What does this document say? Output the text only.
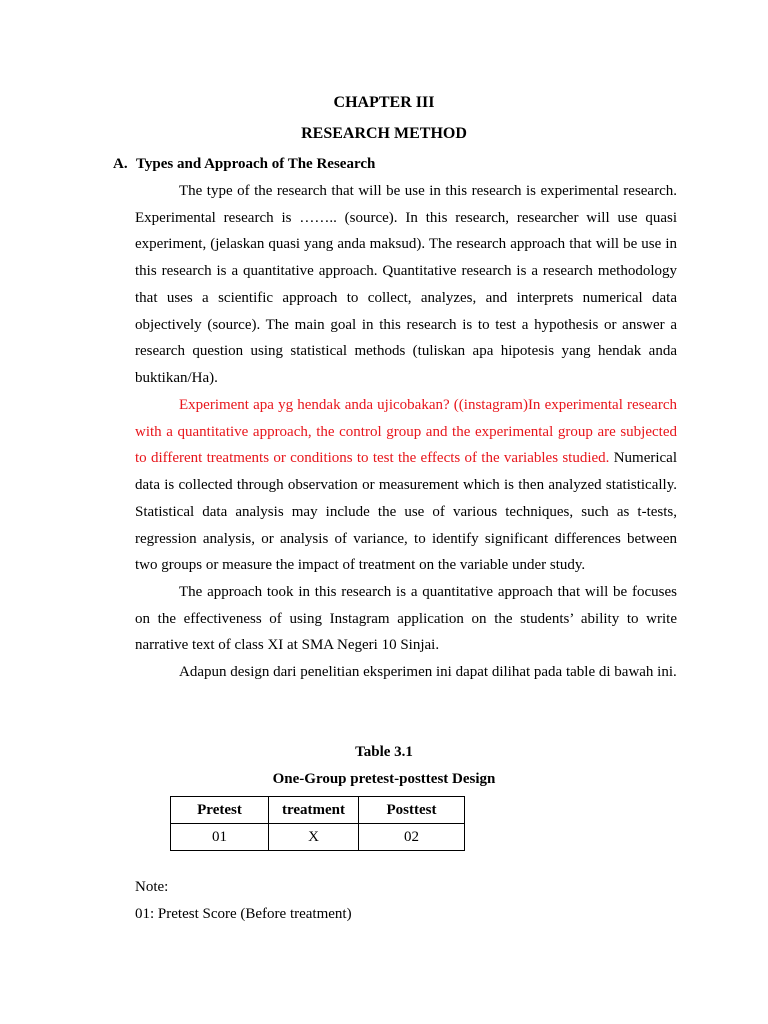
CHAPTER III
RESEARCH METHOD
A. Types and Approach of The Research
The type of the research that will be use in this research is experimental research. Experimental research is …….. (source). In this research, researcher will use quasi experiment, (jelaskan quasi yang anda maksud). The research approach that will be use in this research is a quantitative approach. Quantitative research is a research methodology that uses a scientific approach to collect, analyzes, and interprets numerical data objectively (source). The main goal in this research is to test a hypothesis or answer a research question using statistical methods (tuliskan apa hipotesis yang hendak anda buktikan/Ha).
Experiment apa yg hendak anda ujicobakan? ((instagram)In experimental research with a quantitative approach, the control group and the experimental group are subjected to different treatments or conditions to test the effects of the variables studied. Numerical data is collected through observation or measurement which is then analyzed statistically. Statistical data analysis may include the use of various techniques, such as t-tests, regression analysis, or analysis of variance, to identify significant differences between two groups or measure the impact of treatment on the variable under study.
The approach took in this research is a quantitative approach that will be focuses on the effectiveness of using Instagram application on the students’ ability to write narrative text of class XI at SMA Negeri 10 Sinjai.
Adapun design dari penelitian eksperimen ini dapat dilihat pada table di bawah ini.
Table 3.1
One-Group pretest-posttest Design
Pretest	treatment	Posttest
01	X	02
Note:
01: Pretest Score (Before treatment)
